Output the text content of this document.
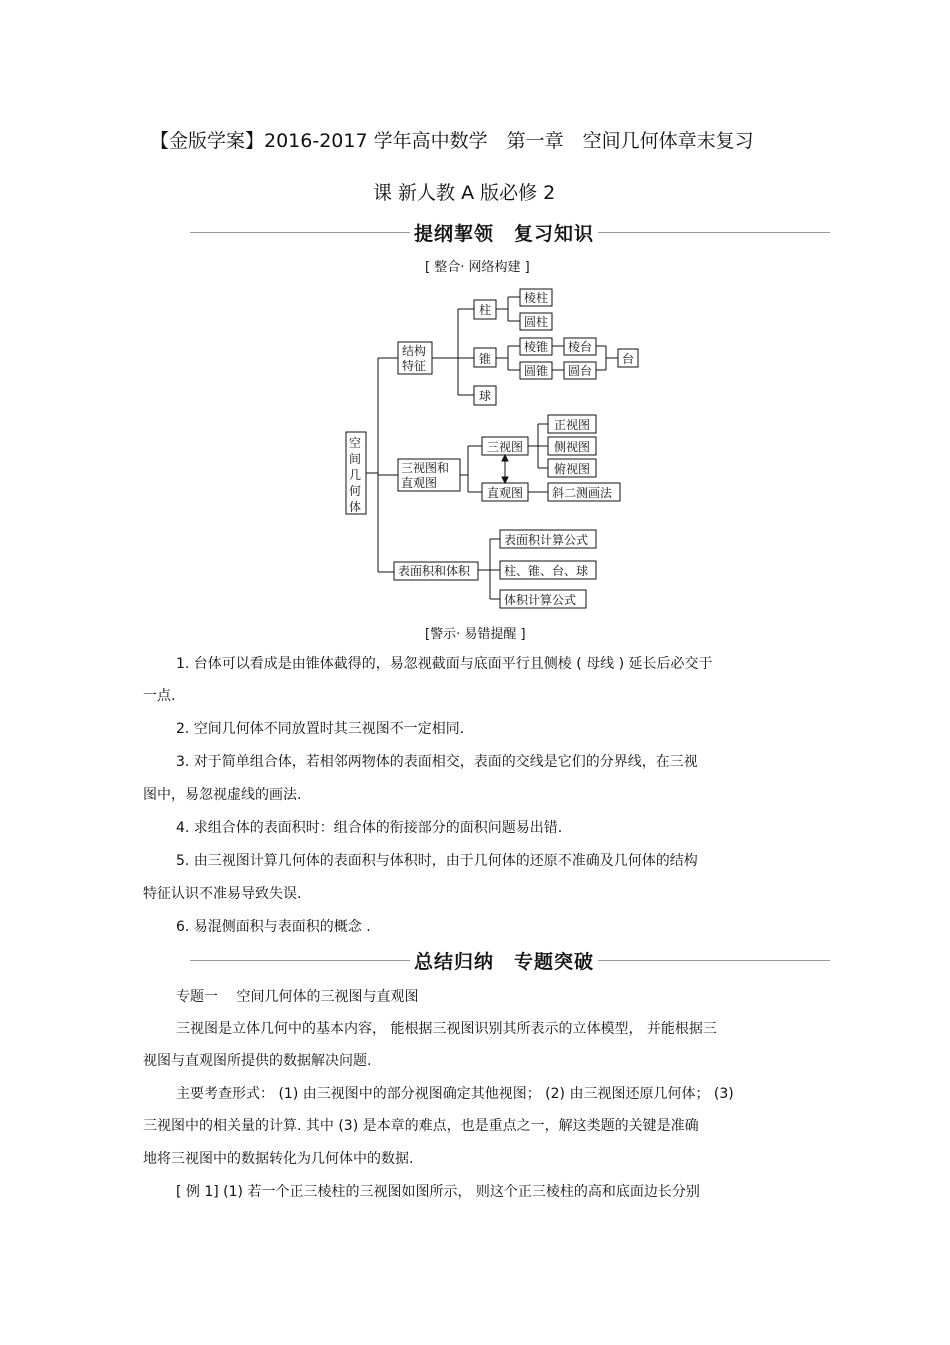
【金版学案】2016-2017 学年高中数学　第一章　空间几何体章末复习
课 新人教 A 版必修 2
提纲挈领　复习知识
[ 整合· 网络构建 ]
空
间
几
何
体
结构
特征
柱
锥
球
棱柱
圆柱
棱锥
圆锥
棱台
圆台
台
三视图和
直观图
三视图
直观图
正视图
侧视图
俯视图
斜二测画法
表面积和体积
表面积计算公式
柱、锥、台、球
体积计算公式
[警示· 易错提醒 ]
1. 台体可以看成是由锥体截得的，易忽视截面与底面平行且侧棱 ( 母线 ) 延长后必交于
一点.
2. 空间几何体不同放置时其三视图不一定相同.
3. 对于简单组合体，若相邻两物体的表面相交，表面的交线是它们的分界线，在三视
图中，易忽视虚线的画法.
4. 求组合体的表面积时：组合体的衔接部分的面积问题易出错.
5. 由三视图计算几何体的表面积与体积时，由于几何体的还原不准确及几何体的结构
特征认识不准易导致失误.
6. 易混侧面积与表面积的概念 .
总结归纳　专题突破
专题一　 空间几何体的三视图与直观图
三视图是立体几何中的基本内容， 能根据三视图识别其所表示的立体模型， 并能根据三
视图与直观图所提供的数据解决问题.
主要考查形式： (1) 由三视图中的部分视图确定其他视图； (2) 由三视图还原几何体； (3)
三视图中的相关量的计算. 其中 (3) 是本章的难点，也是重点之一，解这类题的关键是准确
地将三视图中的数据转化为几何体中的数据.
[ 例 1] (1) 若一个正三棱柱的三视图如图所示， 则这个正三棱柱的高和底面边长分别
